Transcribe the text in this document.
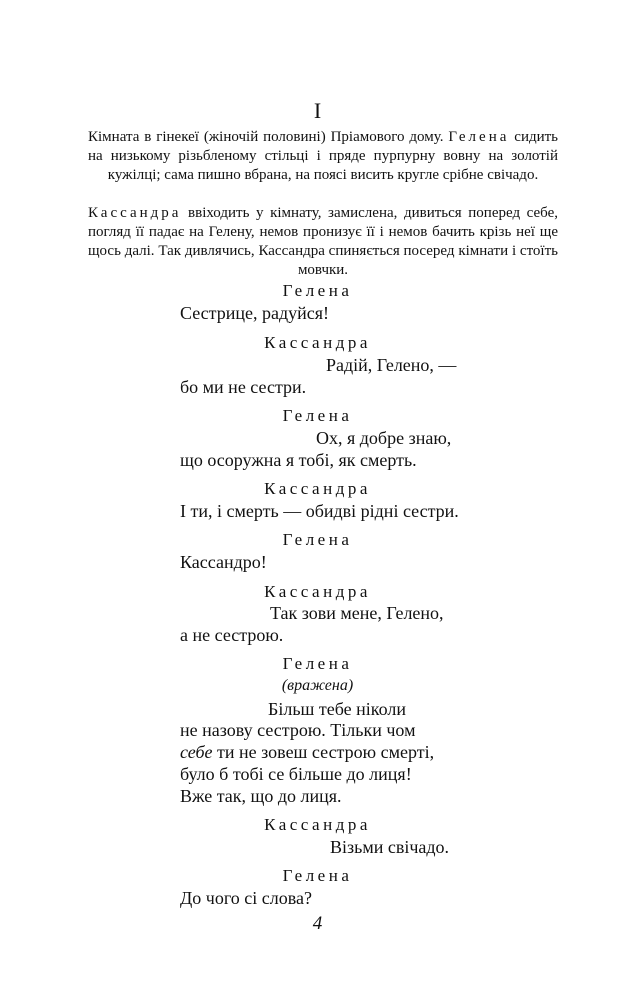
I
Кімната в гінекеї (жіночій половині) Пріамового дому. Гелена сидить на низькому різьбленому стільці і пряде пурпурну вовну на золотій кужілці; сама пишно вбрана, на поясі висить кругле срібне свічадо.
Кассандра ввіходить у кімнату, замислена, дивиться поперед себе, погляд її падає на Гелену, немов пронизує її і немов бачить крізь неї ще щось далі. Так дивлячись, Кассандра спиняється посеред кімнати і стоїть мовчки.
Гелена
Сестрице, радуйся!
Кассандра
Радій, Гелено, —
бо ми не сестри.
Гелена
Ох, я добре знаю,
що осоружна я тобі, як смерть.
Кассандра
І ти, і смерть — обидві рідні сестри.
Гелена
Кассандро!
Кассандра
Так зови мене, Гелено,
а не сестрою.
Гелена
(вражена)
Більш тебе ніколи
не назову сестрою. Тільки чом
себе ти не зовеш сестрою смерті,
було б тобі се більше до лиця!
Вже так, що до лиця.
Кассандра
Візьми свічадо.
Гелена
До чого сі слова?
4
